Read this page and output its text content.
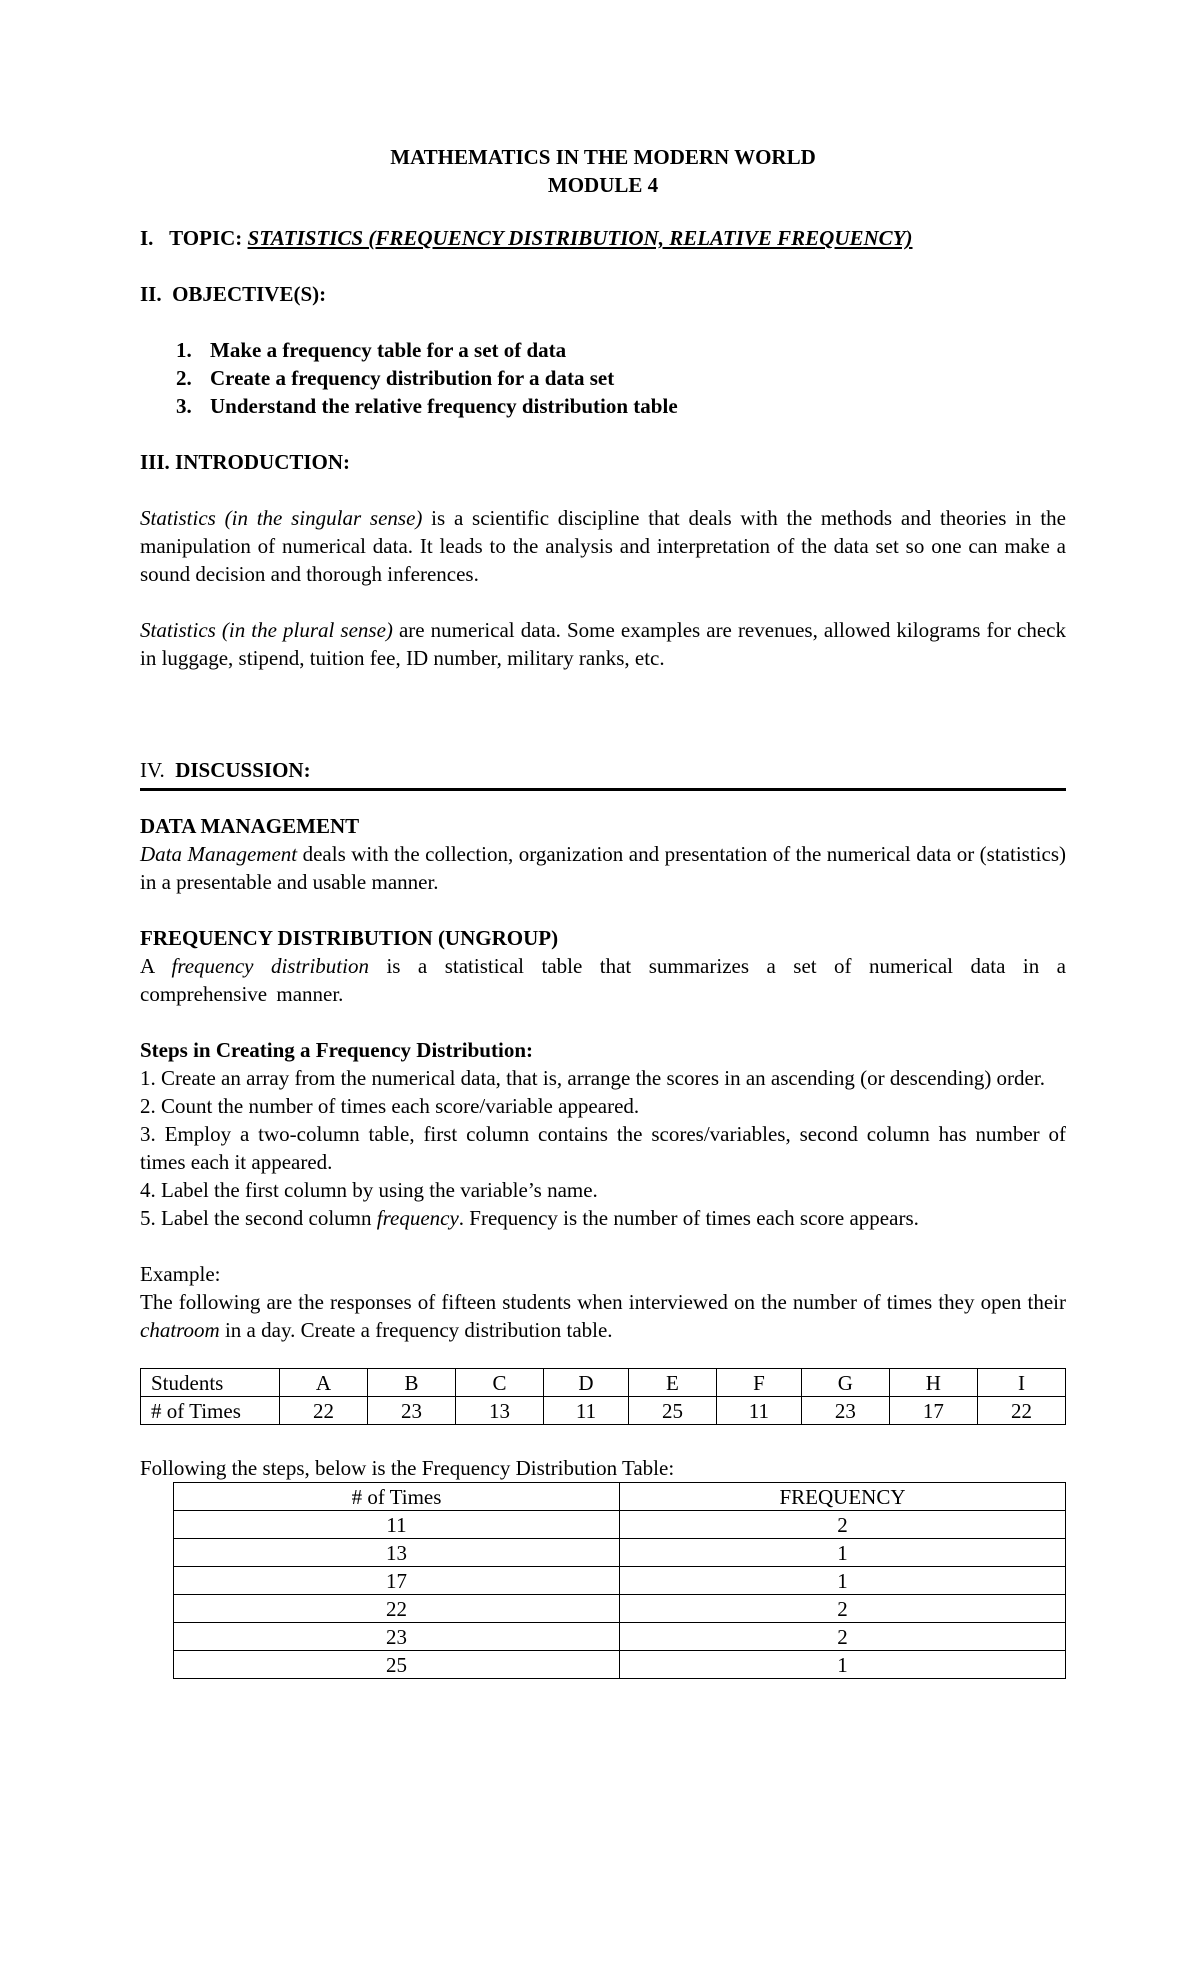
MATHEMATICS IN THE MODERN WORLD

MODULE 4

I.   TOPIC: STATISTICS (FREQUENCY DISTRIBUTION, RELATIVE FREQUENCY)

II.  OBJECTIVE(S):

1. Make a frequency table for a set of data
2. Create a frequency distribution for a data set
3. Understand the relative frequency distribution table

III. INTRODUCTION:

Statistics (in the singular sense) is a scientific discipline that deals with the methods and theories in the manipulation of numerical data. It leads to the analysis and interpretation of the data set so one can make a sound decision and thorough inferences.

Statistics (in the plural sense) are numerical data. Some examples are revenues, allowed kilograms for check in luggage, stipend, tuition fee, ID number, military ranks, etc.

IV.  DISCUSSION:

DATA MANAGEMENT

Data Management deals with the collection, organization and presentation of the numerical data or (statistics) in a presentable and usable manner.

FREQUENCY DISTRIBUTION (UNGROUP)

A frequency distribution is a statistical table that summarizes a set of numerical data in a comprehensive manner.

Steps in Creating a Frequency Distribution:

1. Create an array from the numerical data, that is, arrange the scores in an ascending (or descending) order.

2. Count the number of times each score/variable appeared.

3. Employ a two-column table, first column contains the scores/variables, second column has number of times each it appeared.

4. Label the first column by using the variable’s name.

5. Label the second column frequency. Frequency is the number of times each score appears.

Example:

The following are the responses of fifteen students when interviewed on the number of times they open their chatroom in a day. Create a frequency distribution table.

Students	A	B	C	D	E	F	G	H	I
# of Times	22	23	13	11	25	11	23	17	22

Following the steps, below is the Frequency Distribution Table:

# of Times	FREQUENCY
11	2
13	1
17	1
22	2
23	2
25	1
